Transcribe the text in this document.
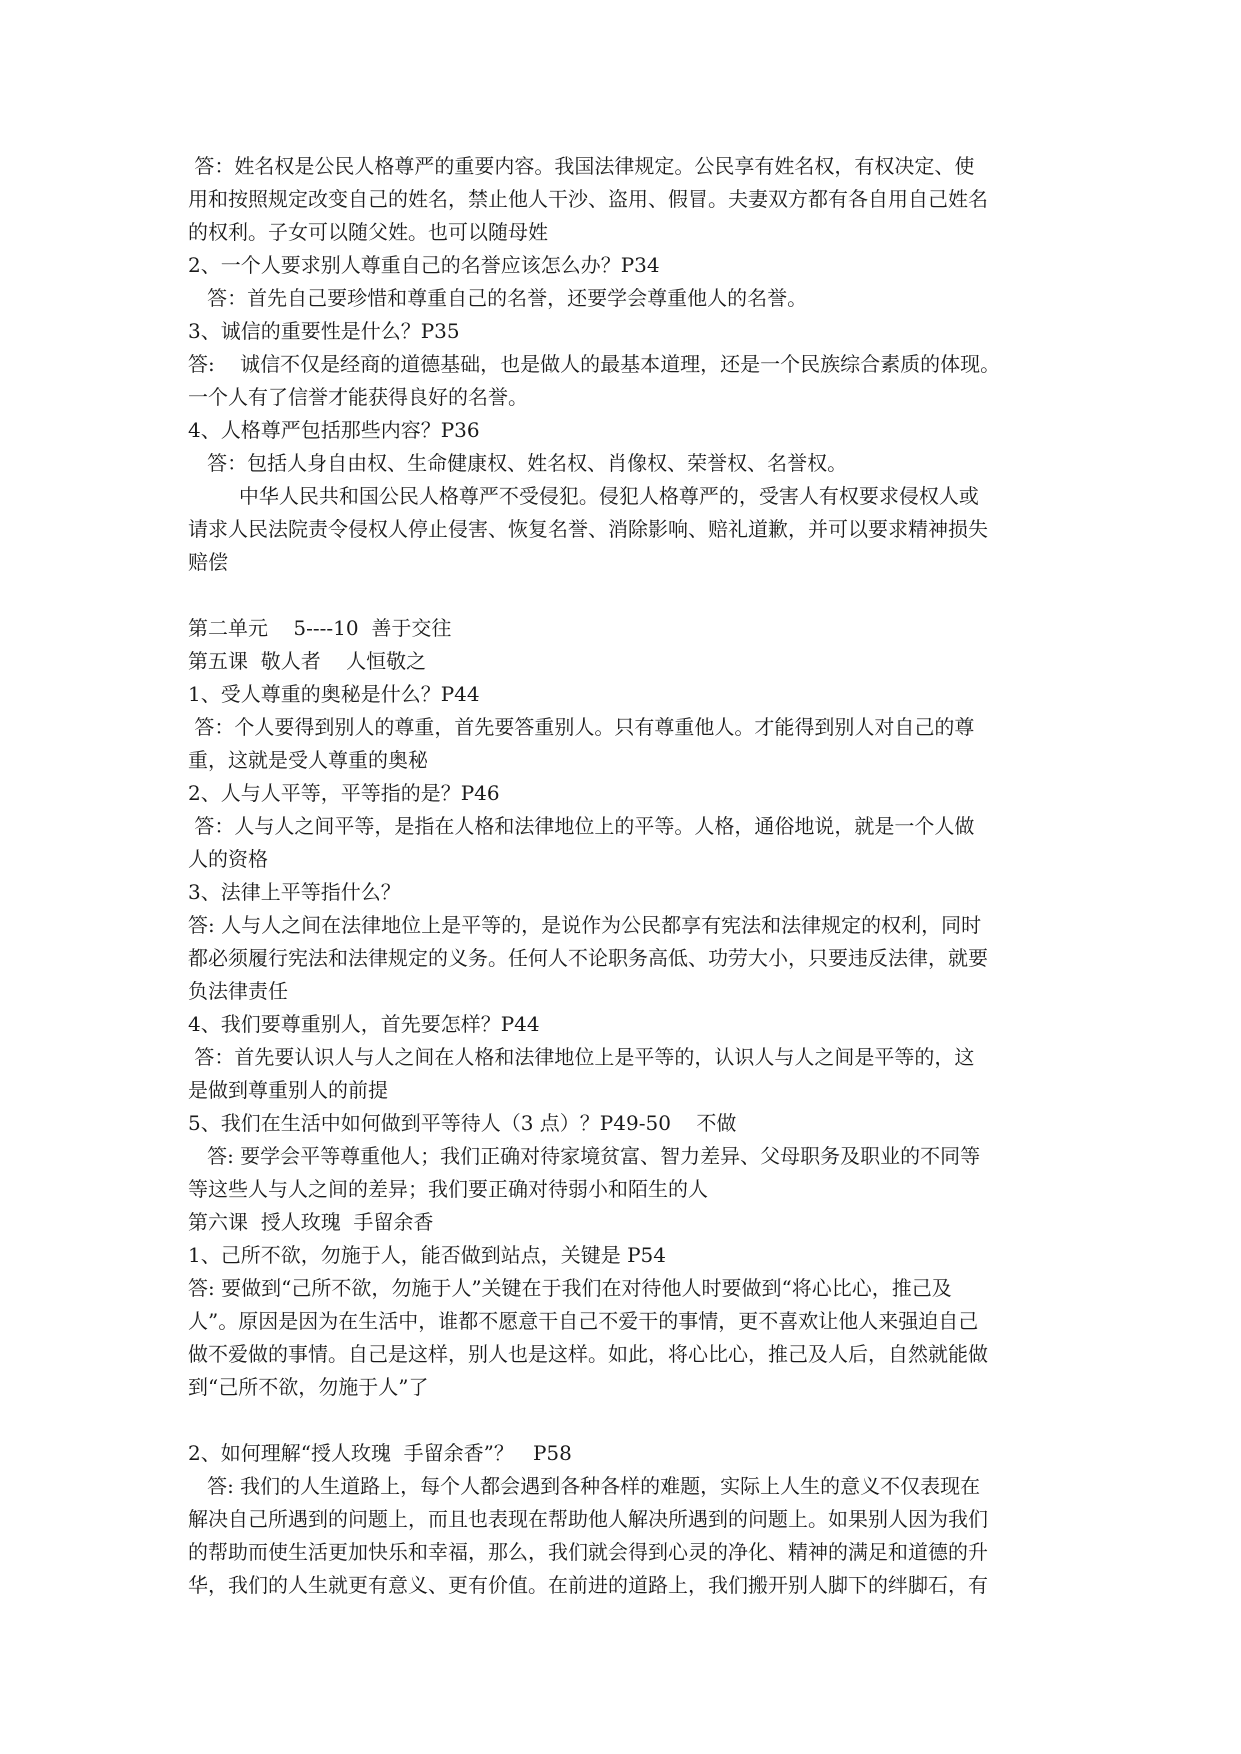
答：姓名权是公民人格尊严的重要内容。我国法律规定。公民享有姓名权，有权决定、使
用和按照规定改变自己的姓名，禁止他人干沙、盗用、假冒。夫妻双方都有各自用自己姓名
的权利。子女可以随父姓。也可以随母姓
2、一个人要求别人尊重自己的名誉应该怎么办？P34
答：首先自己要珍惜和尊重自己的名誉，还要学会尊重他人的名誉。
3、诚信的重要性是什么？P35
答:    诚信不仅是经商的道德基础，也是做人的最基本道理，还是一个民族综合素质的体现。
一个人有了信誉才能获得良好的名誉。
4、人格尊严包括那些内容？P36
答：包括人身自由权、生命健康权、姓名权、肖像权、荣誉权、名誉权。
中华人民共和国公民人格尊严不受侵犯。侵犯人格尊严的，受害人有权要求侵权人或
请求人民法院责令侵权人停止侵害、恢复名誉、消除影响、赔礼道歉，并可以要求精神损失
赔偿
第二单元    5----10  善于交往
第五课  敬人者    人恒敬之
1、受人尊重的奥秘是什么？P44
答：个人要得到别人的尊重，首先要答重别人。只有尊重他人。才能得到别人对自己的尊
重，这就是受人尊重的奥秘
2、人与人平等，平等指的是？P46
答：人与人之间平等，是指在人格和法律地位上的平等。人格，通俗地说，就是一个人做
人的资格
3、法律上平等指什么？
答: 人与人之间在法律地位上是平等的，是说作为公民都享有宪法和法律规定的权利，同时
都必须履行宪法和法律规定的义务。任何人不论职务高低、功劳大小，只要违反法律，就要
负法律责任
4、我们要尊重别人，首先要怎样？P44
答：首先要认识人与人之间在人格和法律地位上是平等的，认识人与人之间是平等的，这
是做到尊重别人的前提
5、我们在生活中如何做到平等待人（3 点）？P49-50    不做
答: 要学会平等尊重他人；我们正确对待家境贫富、智力差异、父母职务及职业的不同等
等这些人与人之间的差异；我们要正确对待弱小和陌生的人
第六课  授人玫瑰  手留余香
1、己所不欲，勿施于人，能否做到站点，关键是 P54
答: 要做到“己所不欲，勿施于人”关键在于我们在对待他人时要做到“将心比心，推己及
人”。原因是因为在生活中，谁都不愿意干自己不爱干的事情，更不喜欢让他人来强迫自己
做不爱做的事情。自己是这样，别人也是这样。如此，将心比心，推己及人后，自然就能做
到“己所不欲，勿施于人”了
2、如何理解“授人玫瑰  手留余香”？   P58
答: 我们的人生道路上，每个人都会遇到各种各样的难题，实际上人生的意义不仅表现在
解决自己所遇到的问题上，而且也表现在帮助他人解决所遇到的问题上。如果别人因为我们
的帮助而使生活更加快乐和幸福，那么，我们就会得到心灵的净化、精神的满足和道德的升
华，我们的人生就更有意义、更有价值。在前进的道路上，我们搬开别人脚下的绊脚石，有
